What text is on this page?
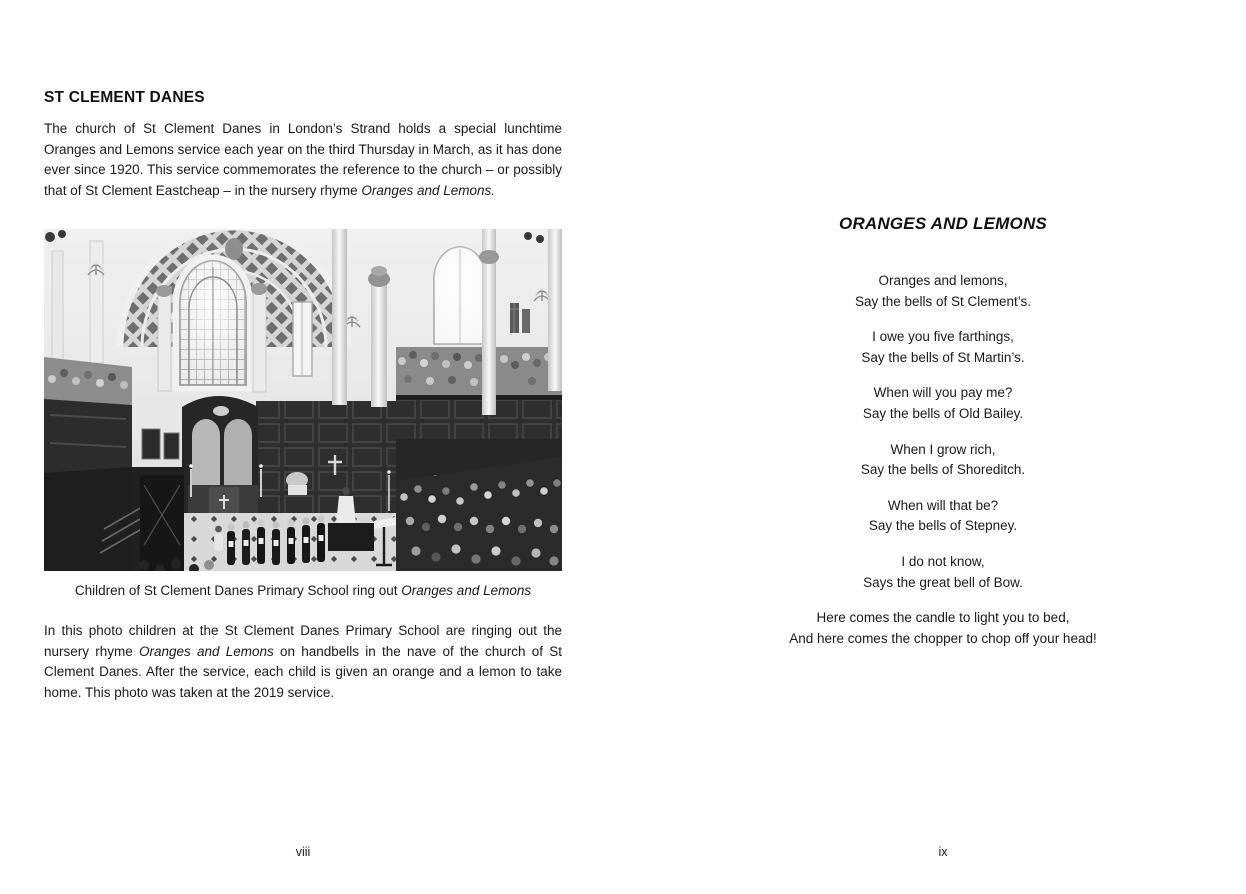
ST CLEMENT DANES

The church of St Clement Danes in London’s Strand holds a special lunchtime Oranges and Lemons service each year on the third Thursday in March, as it has done ever since 1920. This service commemorates the reference to the church – or possibly that of St Clement Eastcheap – in the nursery rhyme Oranges and Lemons.

Children of St Clement Danes Primary School ring out Oranges and Lemons

In this photo children at the St Clement Danes Primary School are ringing out the nursery rhyme Oranges and Lemons on handbells in the nave of the church of St Clement Danes. After the service, each child is given an orange and a lemon to take home. This photo was taken at the 2019 service.

viii
ORANGES AND LEMONS
Oranges and lemons,
Say the bells of St Clement’s.
I owe you five farthings,
Say the bells of St Martin’s.
When will you pay me?
Say the bells of Old Bailey.
When I grow rich,
Say the bells of Shoreditch.
When will that be?
Say the bells of Stepney.
I do not know,
Says the great bell of Bow.
Here comes the candle to light you to bed,
And here comes the chopper to chop off your head!
ix
